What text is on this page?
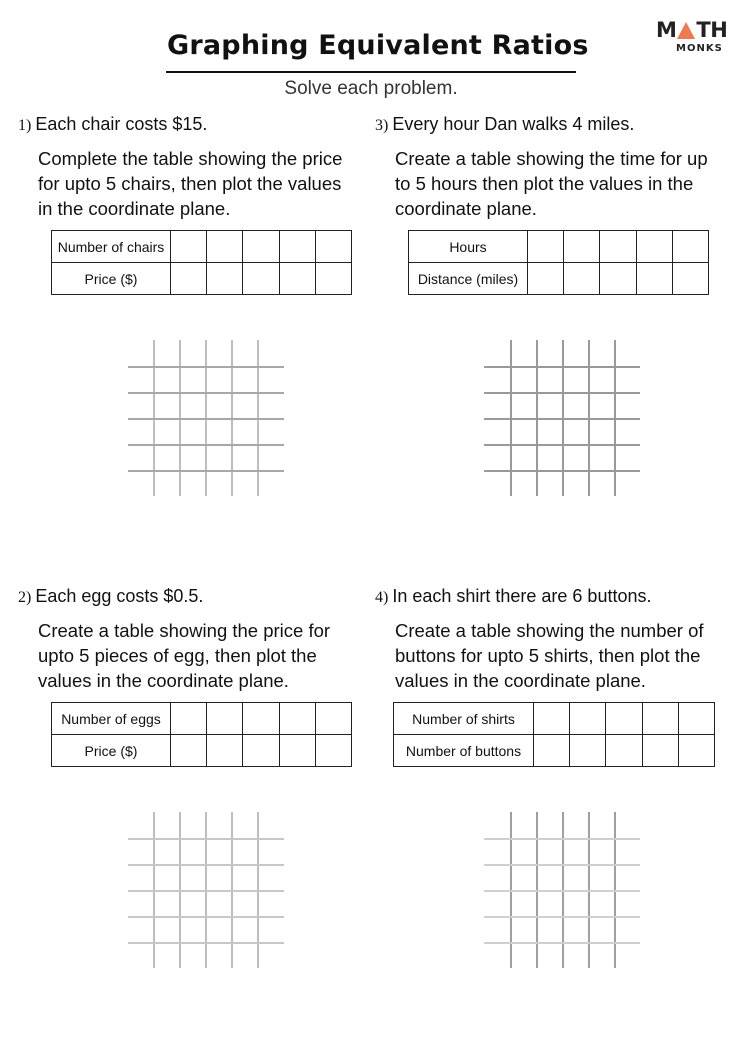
Graphing Equivalent Ratios
Solve each problem.
M TH
MONKS
1) Each chair costs $15.
Complete the table showing the price
for upto 5 chairs, then plot the values
in the coordinate plane.
Number of chairs					
Price ($)					
3) Every hour Dan walks 4 miles.
Create a table showing the time for up
to 5 hours then plot the values in the
coordinate plane.
Hours					
Distance (miles)					
2) Each egg costs $0.5.
Create a table showing the price for
upto 5 pieces of egg, then plot the
values in the coordinate plane.
Number of eggs					
Price ($)					
4) In each shirt there are 6 buttons.
Create a table showing the number of
buttons for upto 5 shirts, then plot the
values in the coordinate plane.
Number of shirts					
Number of buttons					
